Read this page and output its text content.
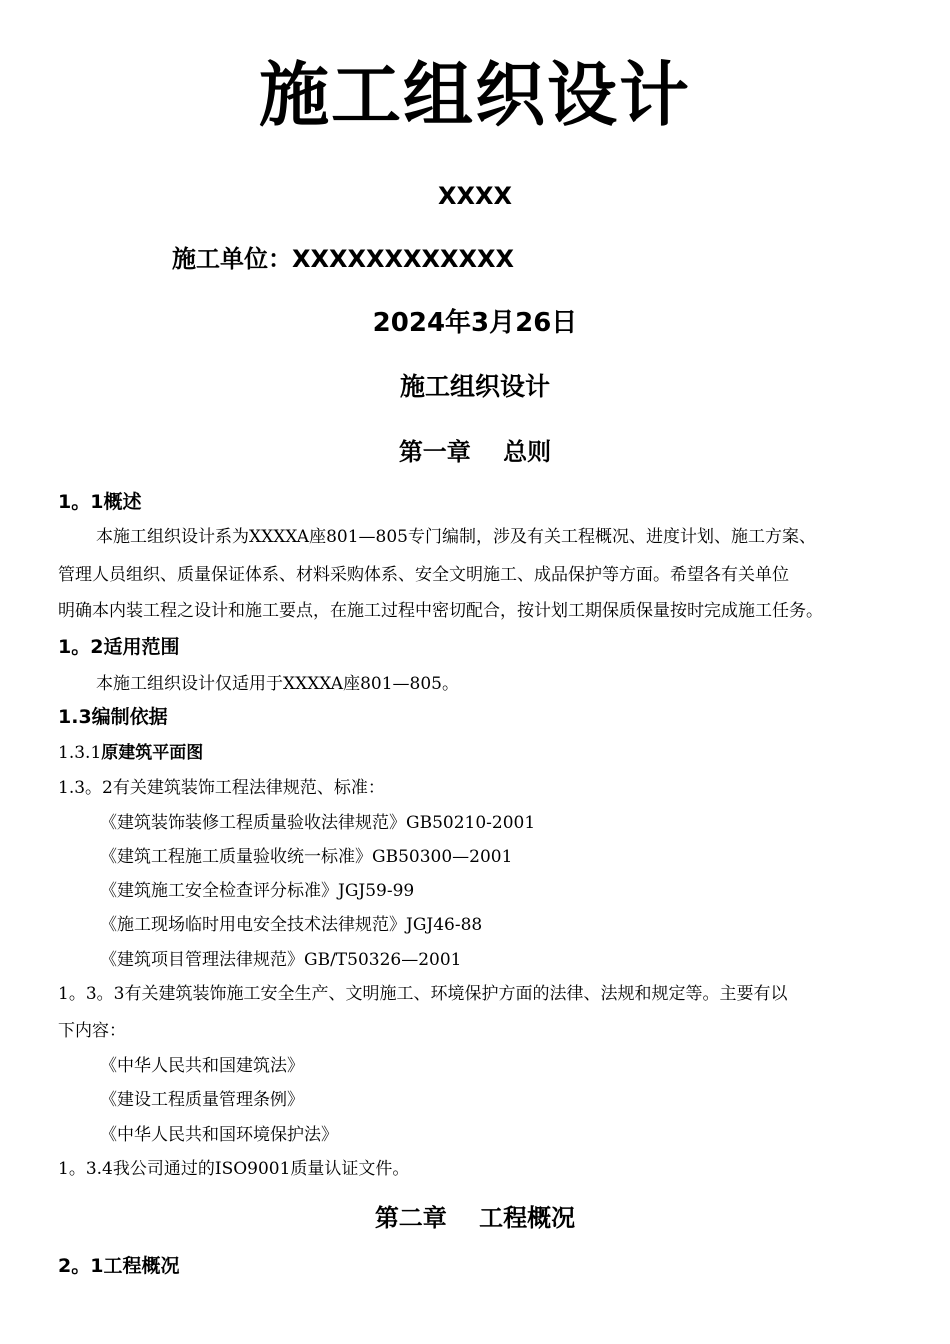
施工组织设计
XXXX
施工单位：XXXXXXXXXXXX
2024年3月26日
施工组织设计
第一章　 总则
1。1概述
本施工组织设计系为XXXXA座801—805专门编制，涉及有关工程概况、进度计划、施工方案、
管理人员组织、质量保证体系、材料采购体系、安全文明施工、成品保护等方面。希望各有关单位
明确本内装工程之设计和施工要点，在施工过程中密切配合，按计划工期保质保量按时完成施工任务。
1。2适用范围
本施工组织设计仅适用于XXXXA座801—805。
1.3编制依据
1.3.1原建筑平面图
1.3。2有关建筑装饰工程法律规范、标准：
《建筑装饰装修工程质量验收法律规范》GB50210-2001
《建筑工程施工质量验收统一标准》GB50300—2001
《建筑施工安全检查评分标准》JGJ59-99
《施工现场临时用电安全技术法律规范》JGJ46-88
《建筑项目管理法律规范》GB/T50326—2001
1。3。3有关建筑装饰施工安全生产、文明施工、环境保护方面的法律、法规和规定等。主要有以
下内容：
《中华人民共和国建筑法》
《建设工程质量管理条例》
《中华人民共和国环境保护法》
1。3.4我公司通过的ISO9001质量认证文件。
第二章　 工程概况
2。1工程概况
